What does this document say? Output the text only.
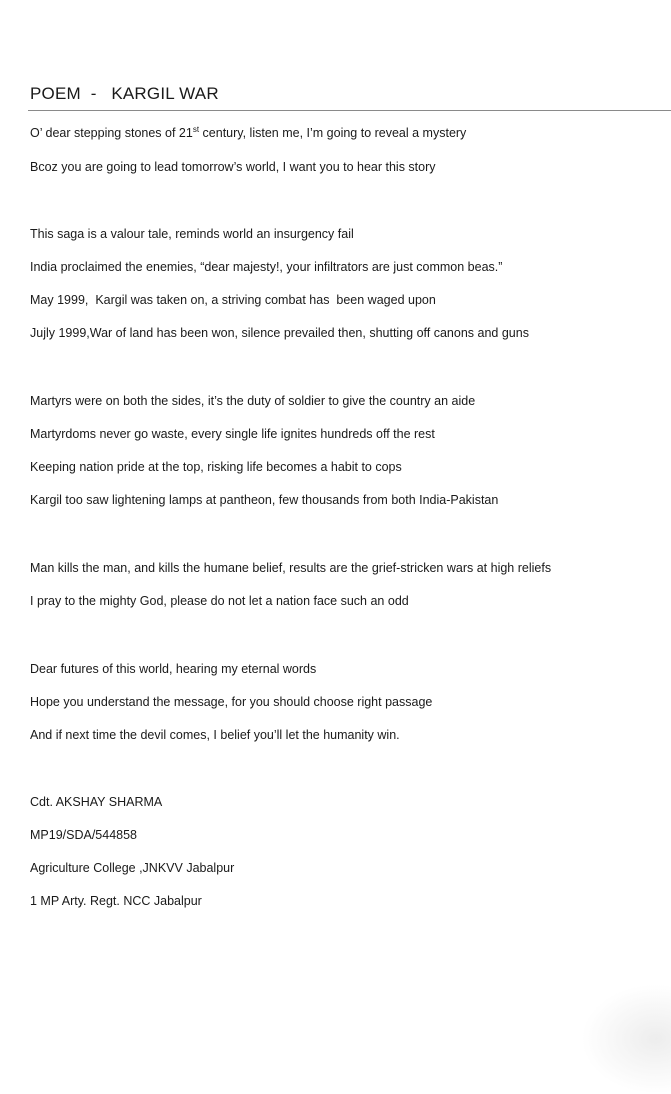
POEM  -   KARGIL WAR
O’ dear stepping stones of 21st century, listen me, I’m going to reveal a mystery
Bcoz you are going to lead tomorrow’s world, I want you to hear this story
This saga is a valour tale, reminds world an insurgency fail
India proclaimed the enemies, “dear majesty!, your infiltrators are just common beas.”
May 1999,  Kargil was taken on, a striving combat has  been waged upon
Jujly 1999,War of land has been won, silence prevailed then, shutting off canons and guns
Martyrs were on both the sides, it’s the duty of soldier to give the country an aide
Martyrdoms never go waste, every single life ignites hundreds off the rest
Keeping nation pride at the top, risking life becomes a habit to cops
Kargil too saw lightening lamps at pantheon, few thousands from both India-Pakistan
Man kills the man, and kills the humane belief, results are the grief-stricken wars at high reliefs
I pray to the mighty God, please do not let a nation face such an odd
Dear futures of this world, hearing my eternal words
Hope you understand the message, for you should choose right passage
And if next time the devil comes, I belief you’ll let the humanity win.
Cdt. AKSHAY SHARMA
MP19/SDA/544858
Agriculture College ,JNKVV Jabalpur
1 MP Arty. Regt. NCC Jabalpur
